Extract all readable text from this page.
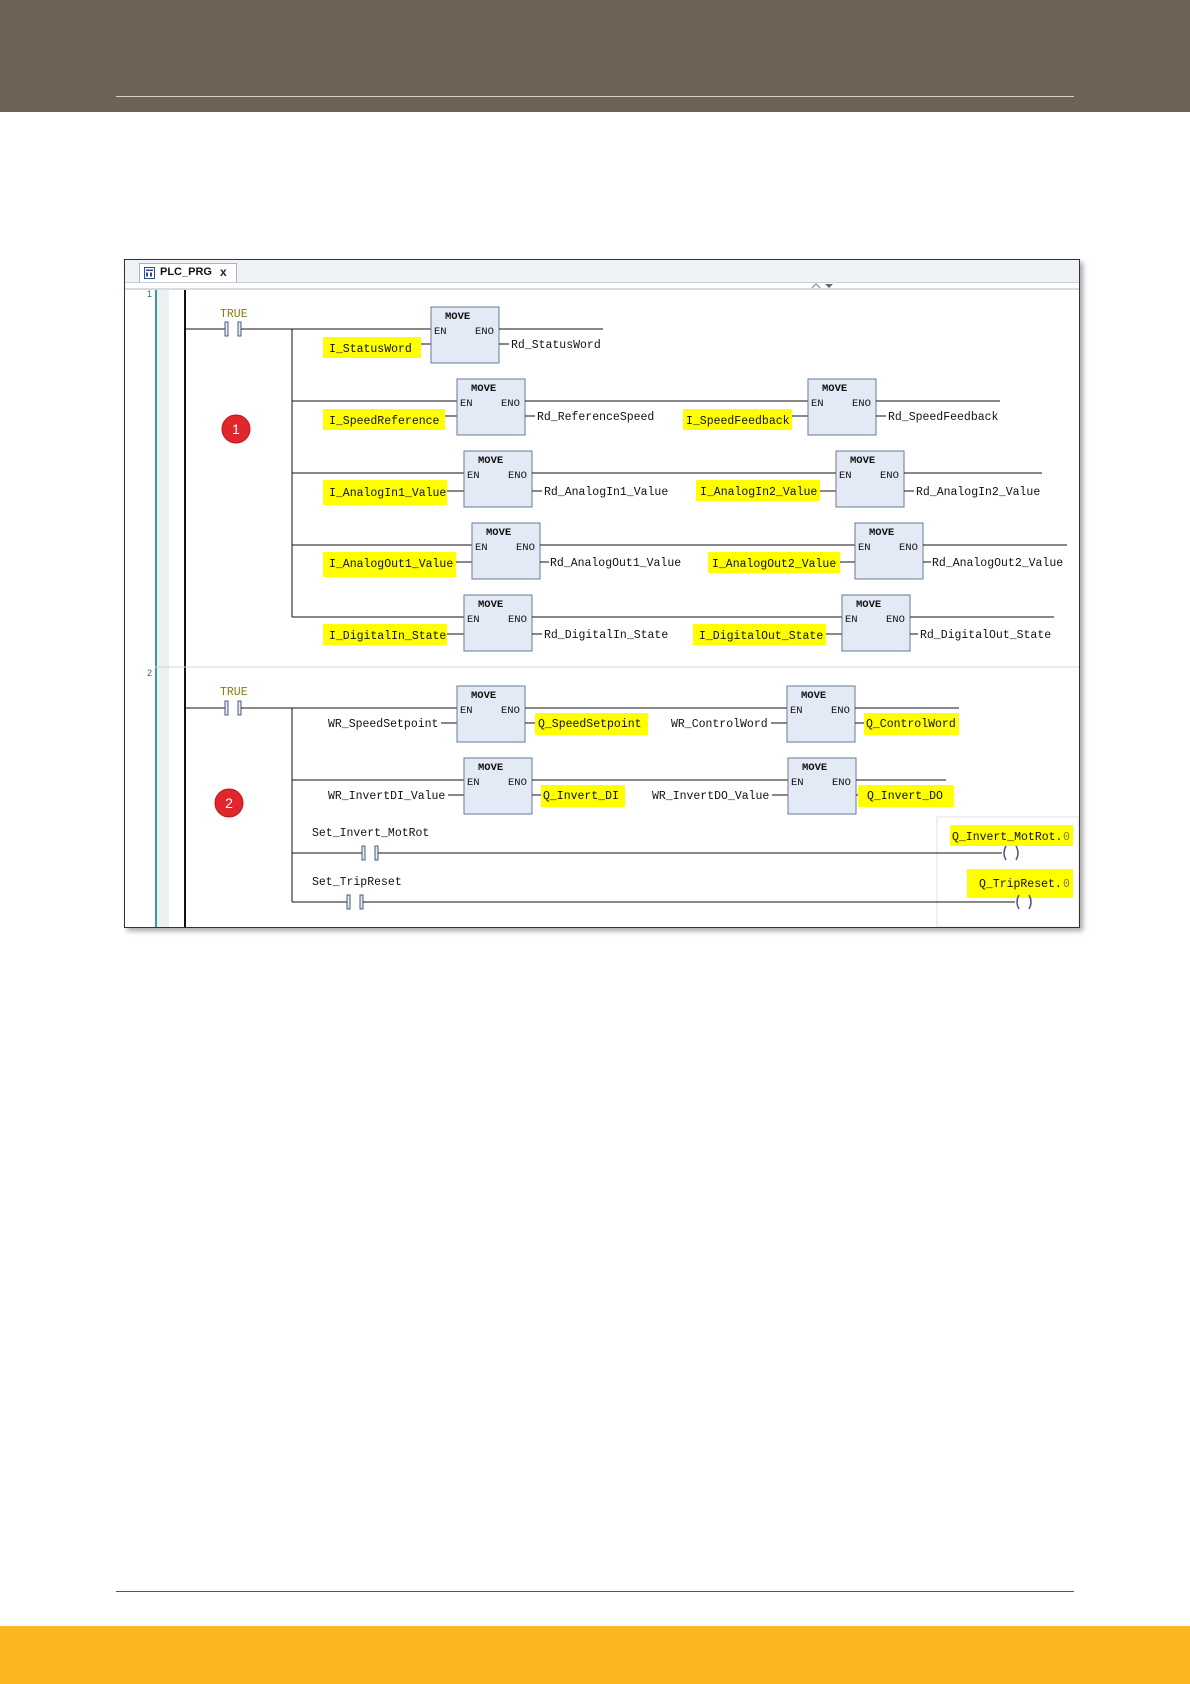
PLC_PRG x
1
2
TRUE
I_StatusWord
MOVE
EN	ENO
Rd_StatusWord
I_SpeedReference
MOVE
EN	ENO
Rd_ReferenceSpeed	I_SpeedFeedback
MOVE
EN	ENO
Rd_SpeedFeedback
I_AnalogIn1_Value
MOVE
EN	ENO
Rd_AnalogIn1_Value	I_AnalogIn2_Value
MOVE
EN	ENO
Rd_AnalogIn2_Value
I_AnalogOut1_Value
MOVE
EN	ENO
Rd_AnalogOut1_Value	I_AnalogOut2_Value
MOVE
EN	ENO
Rd_AnalogOut2_Value
I_DigitalIn_State
MOVE
EN	ENO
Rd_DigitalIn_State	I_DigitalOut_State
MOVE
EN	ENO
Rd_DigitalOut_State
1
TRUE
WR_SpeedSetpoint
MOVE
EN	ENO
Q_SpeedSetpoint	WR_ControlWord
MOVE
EN	ENO
Q_ControlWord
WR_InvertDI_Value
MOVE
EN	ENO
Q_Invert_DI	WR_InvertDO_Value
MOVE
EN	ENO
Q_Invert_DO
Set_Invert_MotRot	Q_Invert_MotRot. 0
Set_TripReset	Q_TripReset. 0
2
